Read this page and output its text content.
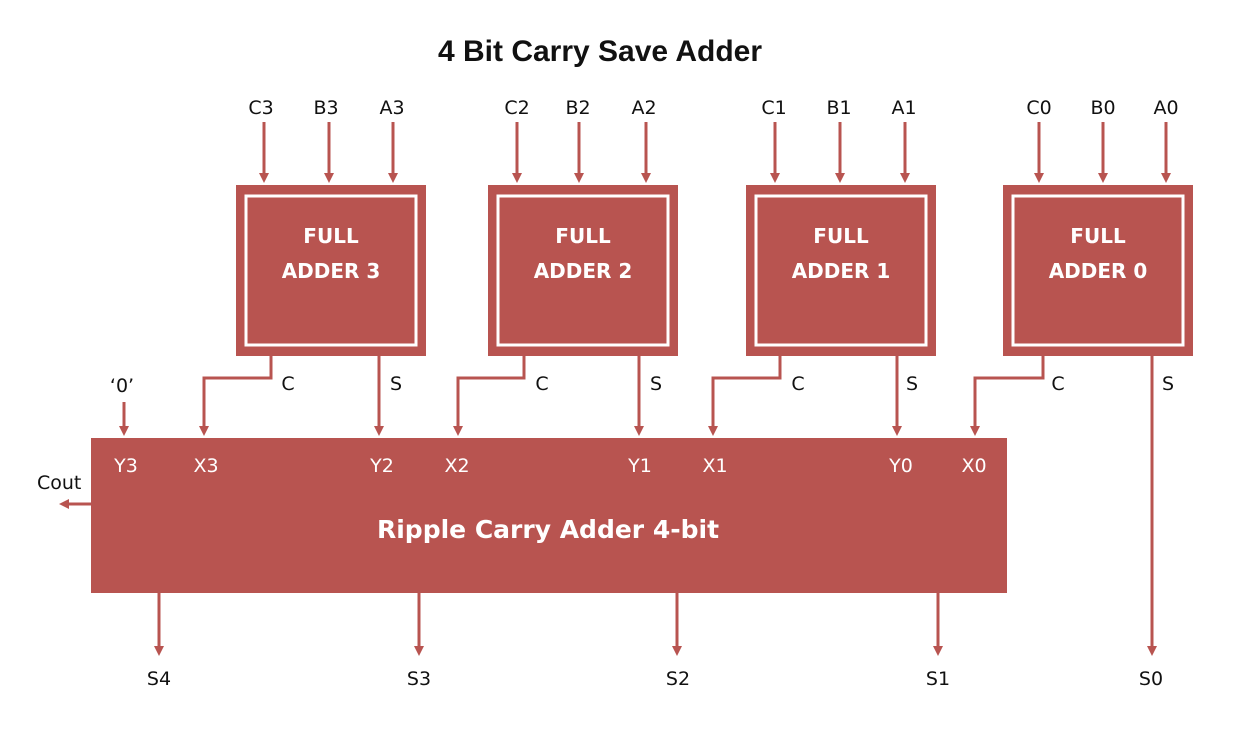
4 Bit Carry Save Adder
C3 B3 A3
FULL
ADDER 3
C	S
C2 B2 A2
FULL
ADDER 2
C	S
C1 B1 A1
FULL
ADDER 1
C	S
C0 B0 A0
FULL
ADDER 0
C	S
‘0’
Y3	X3	Y2	X2	Y1	X1	Y0	X0
Ripple Carry Adder 4-bit
Cout
S4	S3	S2	S1	S0
